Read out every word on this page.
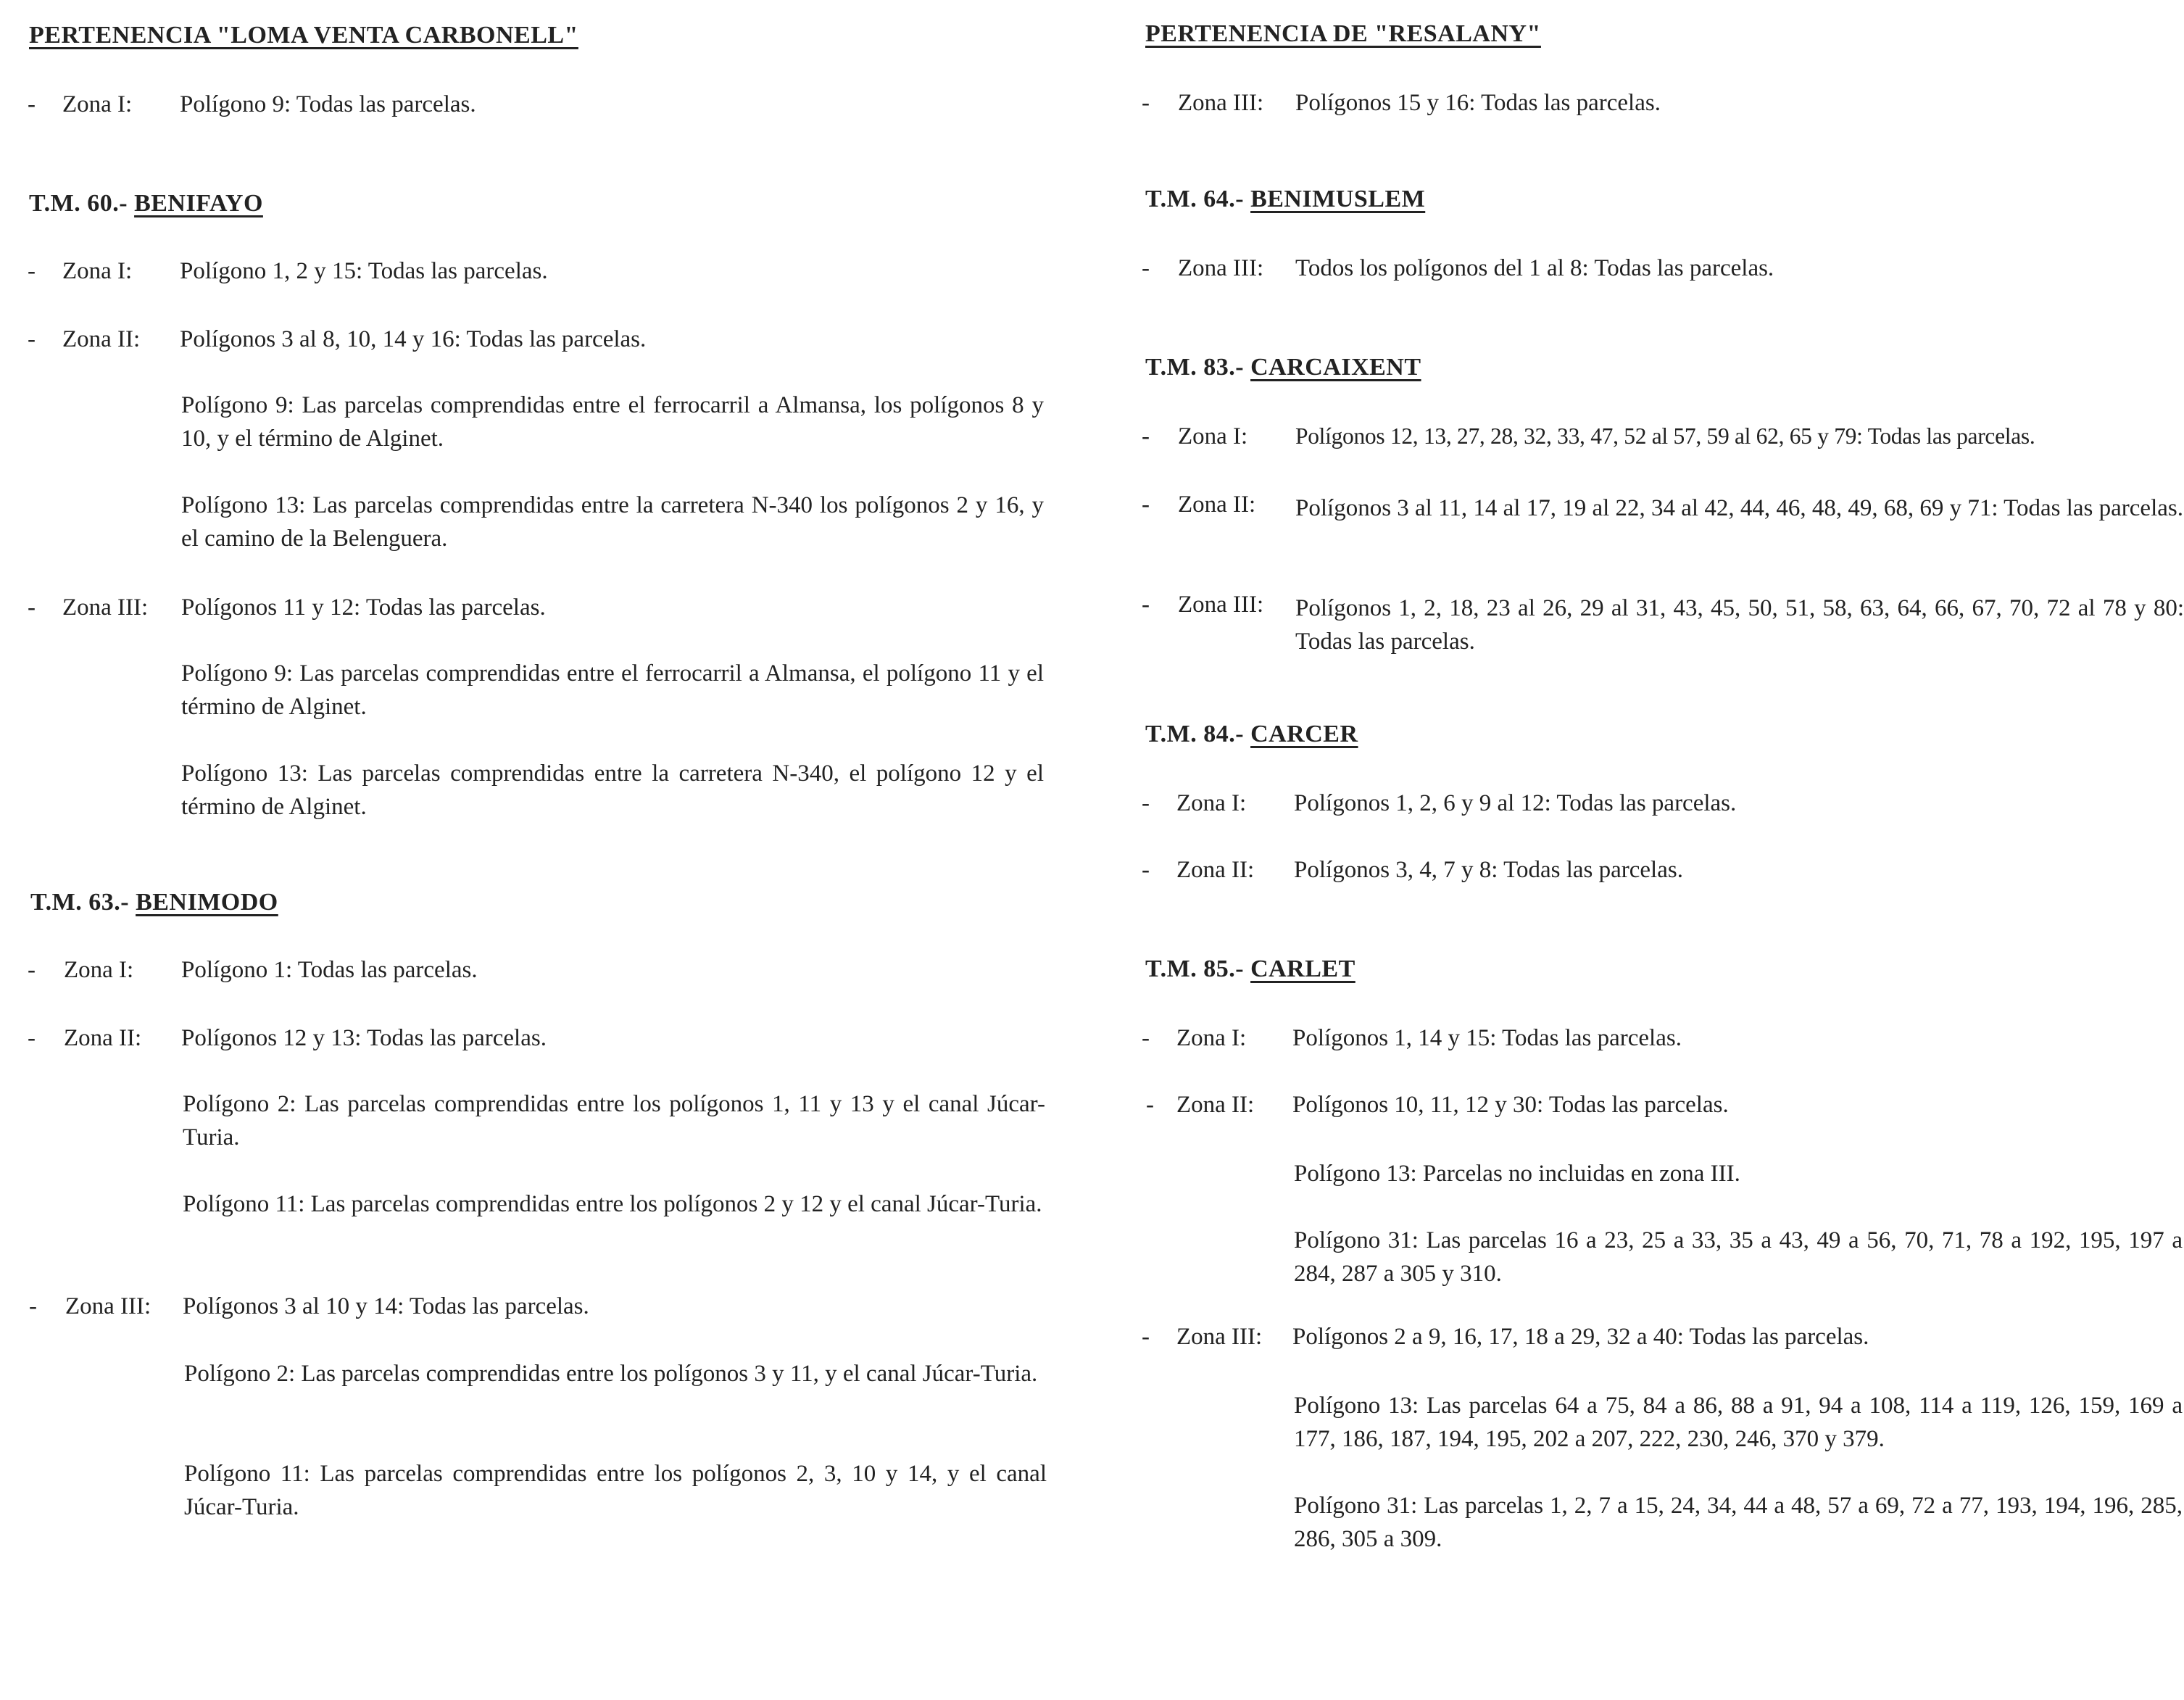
PERTENENCIA "LOMA VENTA CARBONELL"
- Zona I: Polígono 9: Todas las parcelas.
T.M. 60.- BENIFAYO
- Zona I: Polígono 1, 2 y 15: Todas las parcelas.
- Zona II: Polígonos 3 al 8, 10, 14 y 16: Todas las parcelas.
Polígono 9: Las parcelas comprendidas entre el ferrocarril a Almansa, los polígonos 8 y 10, y el término de Alginet.
Polígono 13: Las parcelas comprendidas entre la carretera N-340 los polígonos 2 y 16, y el camino de la Belenguera.
- Zona III: Polígonos 11 y 12: Todas las parcelas.
Polígono 9: Las parcelas comprendidas entre el ferrocarril a Almansa, el polígono 11 y el término de Alginet.
Polígono 13: Las parcelas comprendidas entre la carretera N-340, el polígono 12 y el término de Alginet.
T.M. 63.- BENIMODO
- Zona I: Polígono 1: Todas las parcelas.
- Zona II: Polígonos 12 y 13: Todas las parcelas.
Polígono 2: Las parcelas comprendidas entre los polígonos 1, 11 y 13 y el canal Júcar-Turia.
Polígono 11: Las parcelas comprendidas entre los polígonos 2 y 12 y el canal Júcar-Turia.
- Zona III: Polígonos 3 al 10 y 14: Todas las parcelas.
Polígono 2: Las parcelas comprendidas entre los polígonos 3 y 11, y el canal Júcar-Turia.
Polígono 11: Las parcelas comprendidas entre los polígonos 2, 3, 10 y 14, y el canal Júcar-Turia.
PERTENENCIA DE "RESALANY"
- Zona III: Polígonos 15 y 16: Todas las parcelas.
T.M. 64.- BENIMUSLEM
- Zona III: Todos los polígonos del 1 al 8: Todas las parcelas.
T.M. 83.- CARCAIXENT
- Zona I: Polígonos 12, 13, 27, 28, 32, 33, 47, 52 al 57, 59 al 62, 65 y 79: Todas las parcelas.
- Zona II: Polígonos 3 al 11, 14 al 17, 19 al 22, 34 al 42, 44, 46, 48, 49, 68, 69 y 71: Todas las parcelas.
- Zona III: Polígonos 1, 2, 18, 23 al 26, 29 al 31, 43, 45, 50, 51, 58, 63, 64, 66, 67, 70, 72 al 78 y 80: Todas las parcelas.
T.M. 84.- CARCER
- Zona I: Polígonos 1, 2, 6 y 9 al 12: Todas las parcelas.
- Zona II: Polígonos 3, 4, 7 y 8: Todas las parcelas.
T.M. 85.- CARLET
- Zona I: Polígonos 1, 14 y 15: Todas las parcelas.
- Zona II: Polígonos 10, 11, 12 y 30: Todas las parcelas.
Polígono 13: Parcelas no incluidas en zona III.
Polígono 31: Las parcelas 16 a 23, 25 a 33, 35 a 43, 49 a 56, 70, 71, 78 a 192, 195, 197 a 284, 287 a 305 y 310.
- Zona III: Polígonos 2 a 9, 16, 17, 18 a 29, 32 a 40: Todas las parcelas.
Polígono 13: Las parcelas 64 a 75, 84 a 86, 88 a 91, 94 a 108, 114 a 119, 126, 159, 169 a 177, 186, 187, 194, 195, 202 a 207, 222, 230, 246, 370 y 379.
Polígono 31: Las parcelas 1, 2, 7 a 15, 24, 34, 44 a 48, 57 a 69, 72 a 77, 193, 194, 196, 285, 286, 305 a 309.
